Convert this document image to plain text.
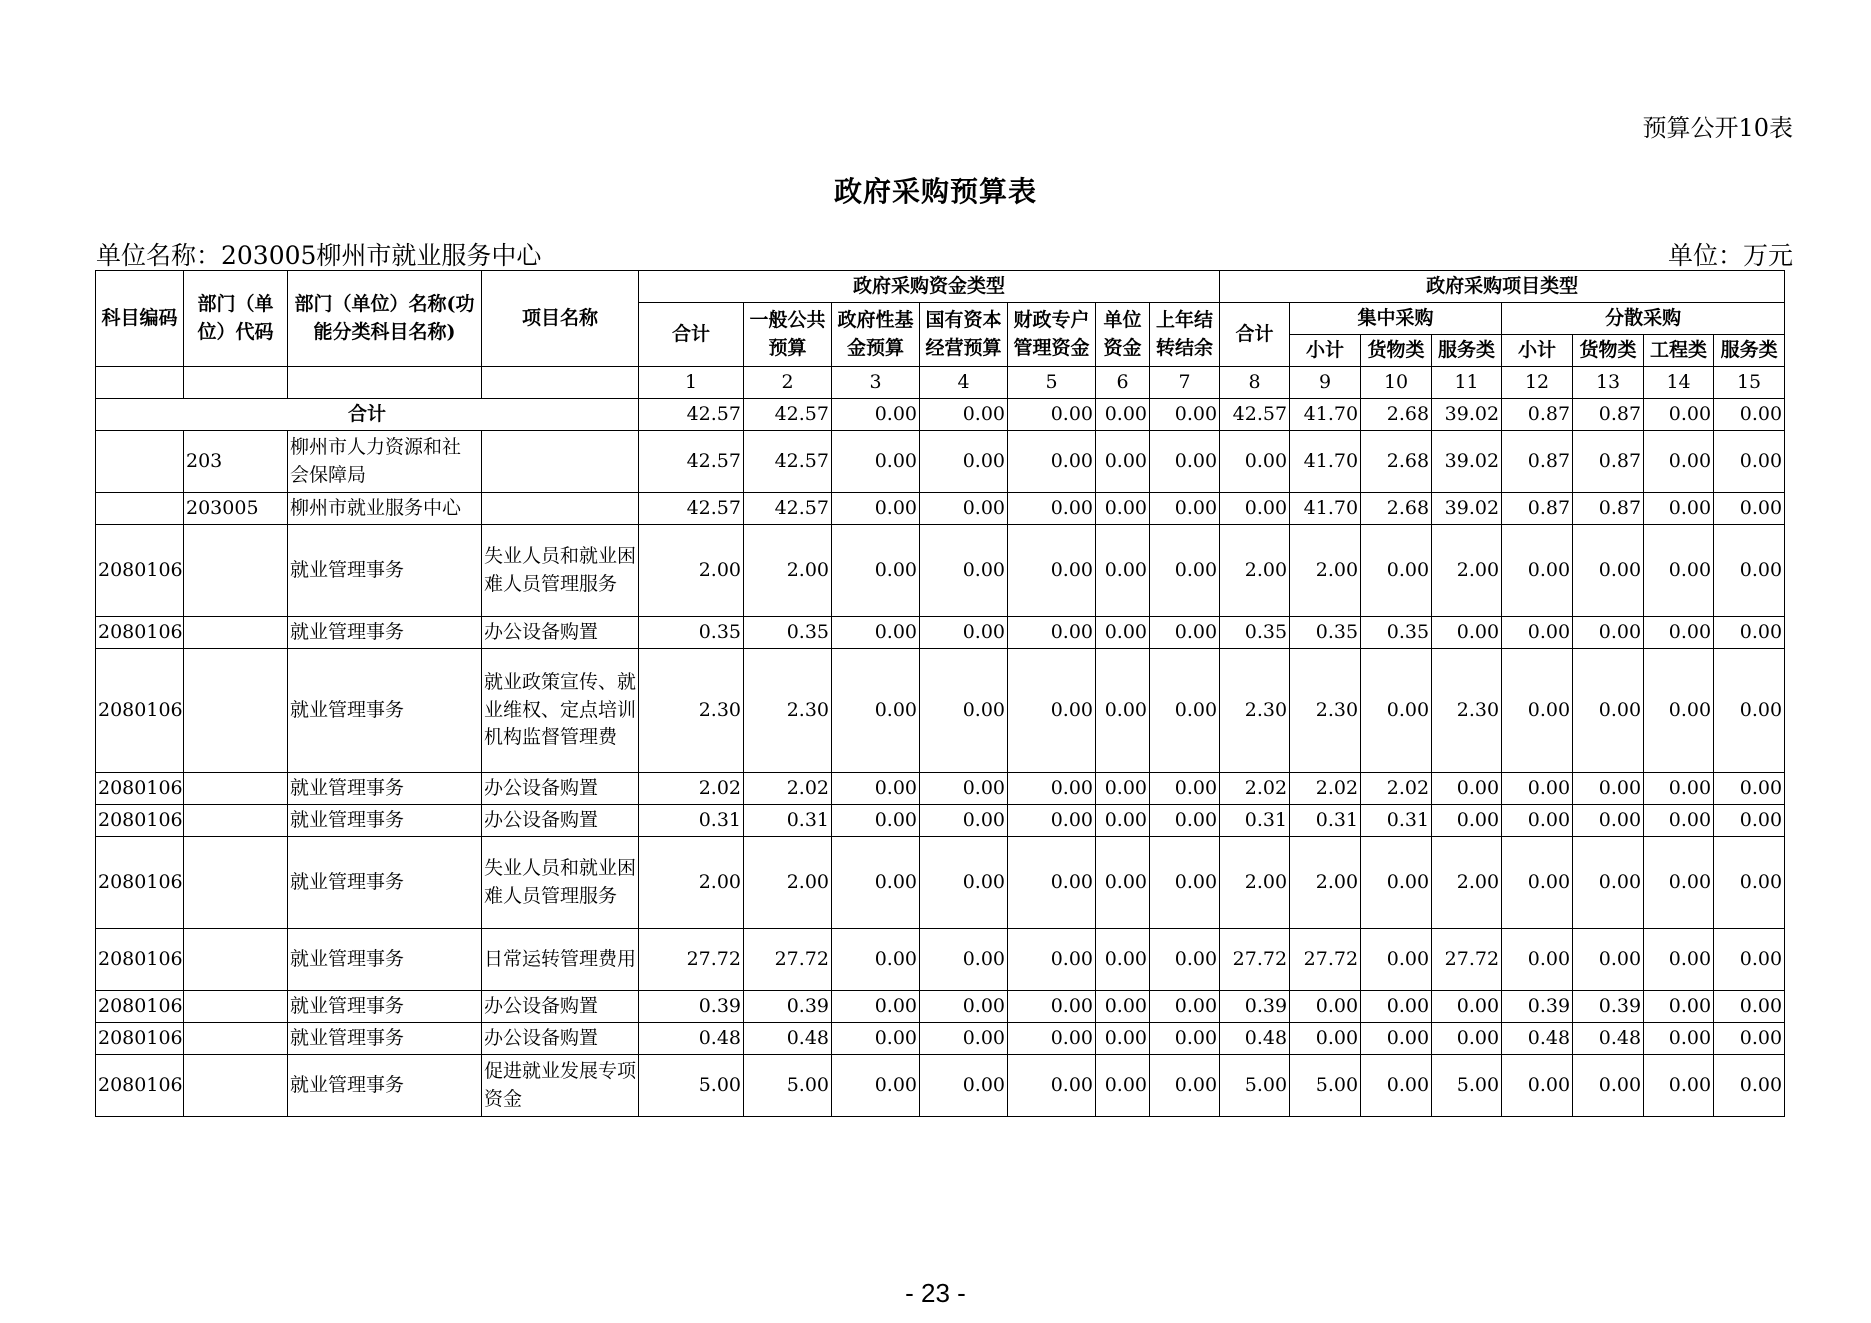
预算公开10表
政府采购预算表
单位名称：203005柳州市就业服务中心	单位：万元
科目编码	部门（单位）代码	部门（单位）名称(功能分类科目名称)	项目名称	政府采购资金类型							政府采购项目类型							
				合计	一般公共预算	政府性基金预算	国有资本经营预算	财政专户管理资金	单位资金	上年结转结余	合计	集中采购			分散采购			
												小计	货物类	服务类	小计	货物类	工程类	服务类
				1	2	3	4	5	6	7	8	9	10	11	12	13	14	15
合计				42.57	42.57	0.00	0.00	0.00	0.00	0.00	42.57	41.70	2.68	39.02	0.87	0.87	0.00	0.00
	203	柳州市人力资源和社会保障局		42.57	42.57	0.00	0.00	0.00	0.00	0.00	0.00	41.70	2.68	39.02	0.87	0.87	0.00	0.00
	203005	柳州市就业服务中心		42.57	42.57	0.00	0.00	0.00	0.00	0.00	0.00	41.70	2.68	39.02	0.87	0.87	0.00	0.00
2080106		就业管理事务	失业人员和就业困难人员管理服务	2.00	2.00	0.00	0.00	0.00	0.00	0.00	2.00	2.00	0.00	2.00	0.00	0.00	0.00	0.00
2080106		就业管理事务	办公设备购置	0.35	0.35	0.00	0.00	0.00	0.00	0.00	0.35	0.35	0.35	0.00	0.00	0.00	0.00	0.00
2080106		就业管理事务	就业政策宣传、就业维权、定点培训机构监督管理费	2.30	2.30	0.00	0.00	0.00	0.00	0.00	2.30	2.30	0.00	2.30	0.00	0.00	0.00	0.00
2080106		就业管理事务	办公设备购置	2.02	2.02	0.00	0.00	0.00	0.00	0.00	2.02	2.02	2.02	0.00	0.00	0.00	0.00	0.00
2080106		就业管理事务	办公设备购置	0.31	0.31	0.00	0.00	0.00	0.00	0.00	0.31	0.31	0.31	0.00	0.00	0.00	0.00	0.00
2080106		就业管理事务	失业人员和就业困难人员管理服务	2.00	2.00	0.00	0.00	0.00	0.00	0.00	2.00	2.00	0.00	2.00	0.00	0.00	0.00	0.00
2080106		就业管理事务	日常运转管理费用	27.72	27.72	0.00	0.00	0.00	0.00	0.00	27.72	27.72	0.00	27.72	0.00	0.00	0.00	0.00
2080106		就业管理事务	办公设备购置	0.39	0.39	0.00	0.00	0.00	0.00	0.00	0.39	0.00	0.00	0.00	0.39	0.39	0.00	0.00
2080106		就业管理事务	办公设备购置	0.48	0.48	0.00	0.00	0.00	0.00	0.00	0.48	0.00	0.00	0.00	0.48	0.48	0.00	0.00
2080106		就业管理事务	促进就业发展专项资金	5.00	5.00	0.00	0.00	0.00	0.00	0.00	5.00	5.00	0.00	5.00	0.00	0.00	0.00	0.00
- 23 -
